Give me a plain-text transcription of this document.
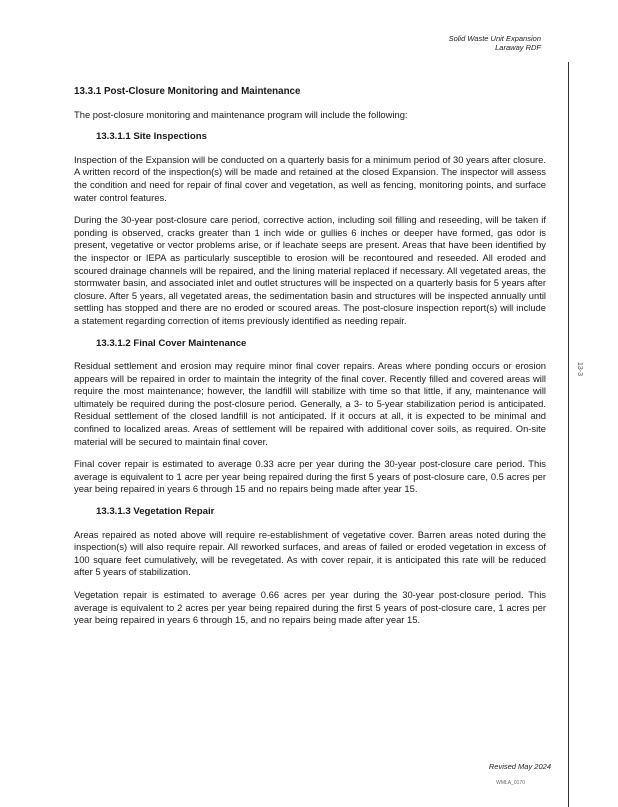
Solid Waste Unit Expansion
Laraway RDF
13-3
13.3.1 Post-Closure Monitoring and Maintenance

The post-closure monitoring and maintenance program will include the following:

13.3.1.1 Site Inspections

Inspection of the Expansion will be conducted on a quarterly basis for a minimum period of 30 years after closure. A written record of the inspection(s) will be made and retained at the closed Expansion. The inspector will assess the condition and need for repair of final cover and vegetation, as well as fencing, monitoring points, and surface water control features.

During the 30-year post-closure care period, corrective action, including soil filling and reseeding, will be taken if ponding is observed, cracks greater than 1 inch wide or gullies 6 inches or deeper have formed, gas odor is present, vegetative or vector problems arise, or if leachate seeps are present. Areas that have been identified by the inspector or IEPA as particularly susceptible to erosion will be recontoured and reseeded. All eroded and scoured drainage channels will be repaired, and the lining material replaced if necessary. All vegetated areas, the stormwater basin, and associated inlet and outlet structures will be inspected on a quarterly basis for 5 years after closure. After 5 years, all vegetated areas, the sedimentation basin and structures will be inspected annually until settling has stopped and there are no eroded or scoured areas. The post-closure inspection report(s) will include a statement regarding correction of items previously identified as needing repair.

13.3.1.2 Final Cover Maintenance

Residual settlement and erosion may require minor final cover repairs. Areas where ponding occurs or erosion appears will be repaired in order to maintain the integrity of the final cover. Recently filled and covered areas will require the most maintenance; however, the landfill will stabilize with time so that little, if any, maintenance will ultimately be required during the post-closure period. Generally, a 3- to 5-year stabilization period is anticipated. Residual settlement of the closed landfill is not anticipated. If it occurs at all, it is expected to be minimal and confined to localized areas. Areas of settlement will be repaired with additional cover soils, as required. On-site material will be secured to maintain final cover.

Final cover repair is estimated to average 0.33 acre per year during the 30-year post-closure care period. This average is equivalent to 1 acre per year being repaired during the first 5 years of post-closure care, 0.5 acres per year being repaired in years 6 through 15 and no repairs being made after year 15.

13.3.1.3 Vegetation Repair

Areas repaired as noted above will require re-establishment of vegetative cover. Barren areas noted during the inspection(s) will also require repair. All reworked surfaces, and areas of failed or eroded vegetation in excess of 100 square feet cumulatively, will be revegetated. As with cover repair, it is anticipated this rate will be reduced after 5 years of stabilization.

Vegetation repair is estimated to average 0.66 acres per year during the 30-year post-closure period. This average is equivalent to 2 acres per year being repaired during the first 5 years of post-closure care, 1 acres per year being repaired in years 6 through 15, and no repairs being made after year 15.

Revised May 2024
WMLA_0170
